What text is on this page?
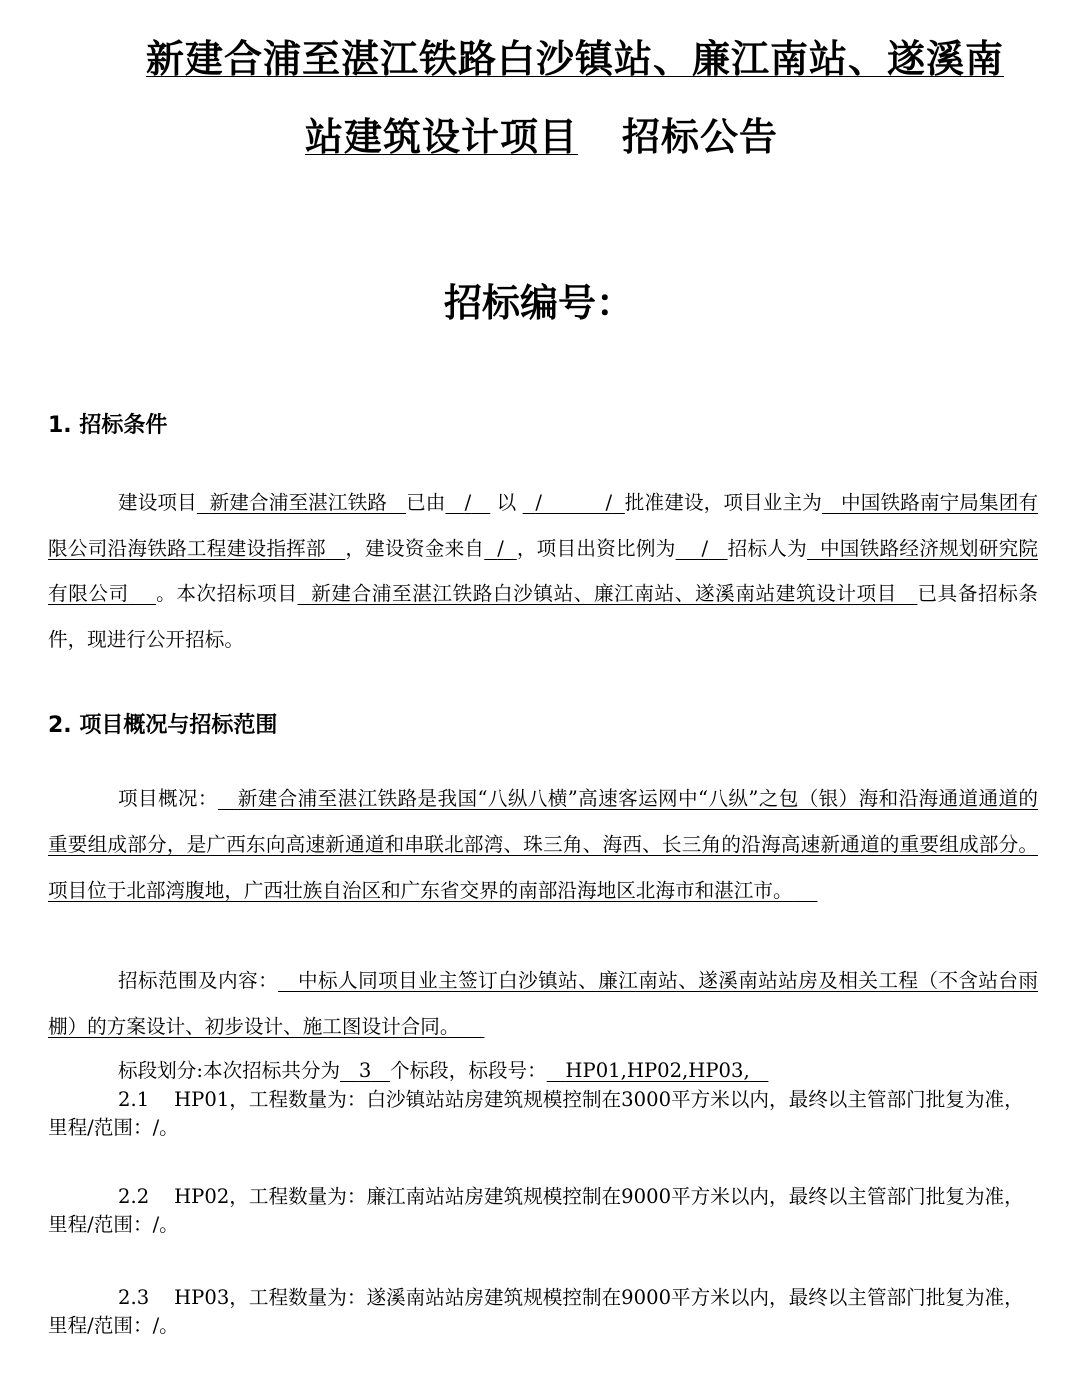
新建合浦至湛江铁路白沙镇站、廉江南站、遂溪南
站建筑设计项目 招标公告
招标编号：
1. 招标条件
建设项目 新建合浦至湛江铁路 已由 / 以 /          / 批准建设，项目业主为 中国铁路南宁局集团有限公司沿海铁路工程建设指挥部 ，建设资金来自 / ，项目出资比例为 / 招标人为 中国铁路经济规划研究院有限公司 。本次招标项目 新建合浦至湛江铁路白沙镇站、廉江南站、遂溪南站建筑设计项目 已具备招标条件，现进行公开招标。
2. 项目概况与招标范围
项目概况： 新建合浦至湛江铁路是我国“八纵八横”高速客运网中“八纵”之包（银）海和沿海通道通道的重要组成部分，是广西东向高速新通道和串联北部湾、珠三角、海西、长三角的沿海高速新通道的重要组成部分。项目位于北部湾腹地，广西壮族自治区和广东省交界的南部沿海地区北海市和湛江市。
招标范围及内容： 中标人同项目业主签订白沙镇站、廉江南站、遂溪南站站房及相关工程（不含站台雨棚）的方案设计、初步设计、施工图设计合同。
标段划分:本次招标共分为 3 个标段，标段号： HP01,HP02,HP03,
2.1 HP01，工程数量为：白沙镇站站房建筑规模控制在3000平方米以内，最终以主管部门批复为准，里程/范围：/。
2.2 HP02，工程数量为：廉江南站站房建筑规模控制在9000平方米以内，最终以主管部门批复为准，里程/范围：/。
2.3 HP03，工程数量为：遂溪南站站房建筑规模控制在9000平方米以内，最终以主管部门批复为准，里程/范围：/。
